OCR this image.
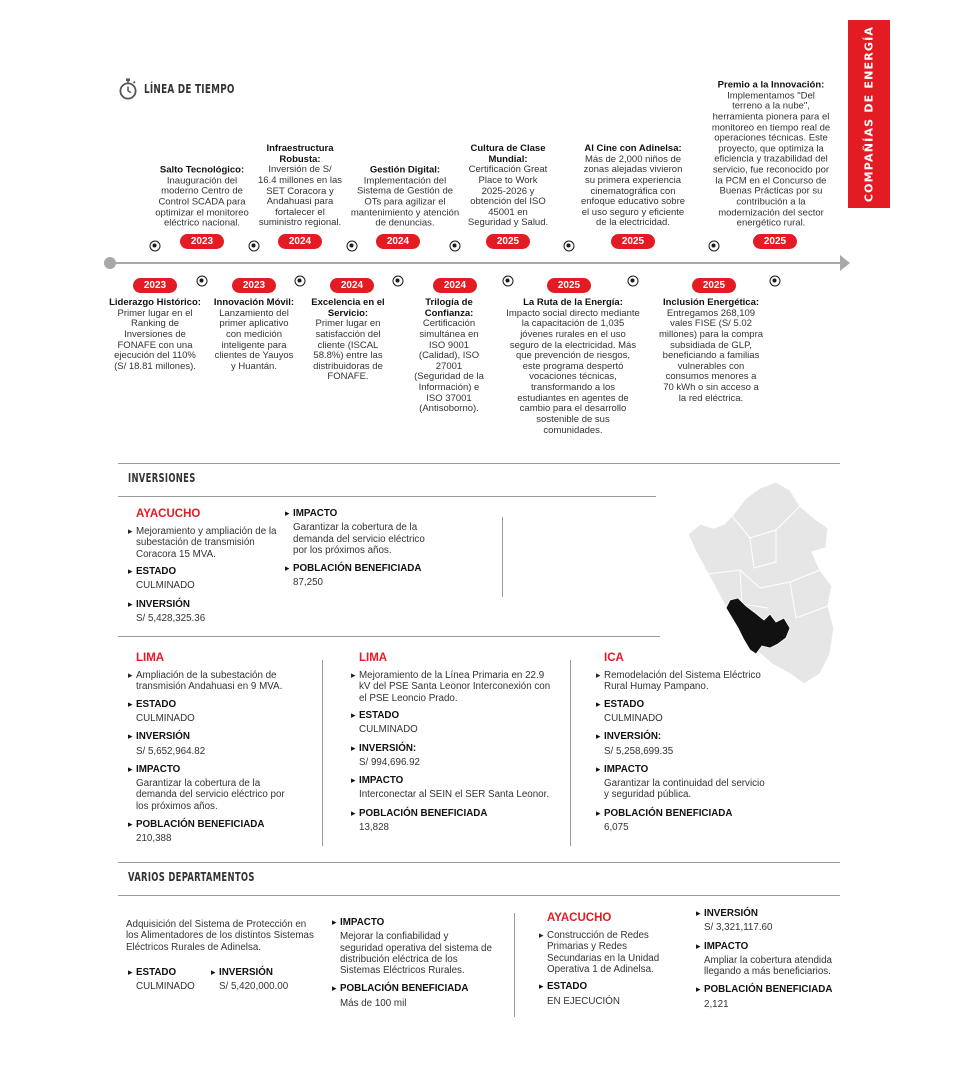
COMPAÑÍAS DE ENERGÍA
LÍNEA DE TIEMPO
Salto Tecnológico:
Inauguración del moderno Centro de Control SCADA para optimizar el monitoreo eléctrico nacional.
2023
Infraestructura Robusta:
Inversión de S/ 16.4 millones en las SET Coracora y Andahuasi para fortalecer el suministro regional.
2024
Gestión Digital:
Implementación del Sistema de Gestión de OTs para agilizar el mantenimiento y atención de denuncias.
2024
Cultura de Clase Mundial:
Certificación Great Place to Work 2025-2026 y obtención del ISO 45001 en Seguridad y Salud.
2025
Al Cine con Adinelsa:
Más de 2,000 niños de zonas alejadas vivieron su primera experiencia cinematográfica con enfoque educativo sobre el uso seguro y eficiente de la electricidad.
2025
Premio a la Innovación:
Implementamos "Del terreno a la nube", herramienta pionera para el monitoreo en tiempo real de operaciones técnicas. Este proyecto, que optimiza la eficiencia y trazabilidad del servicio, fue reconocido por la PCM en el Concurso de Buenas Prácticas por su contribución a la modernización del sector energético rural.
2025
2023
Liderazgo Histórico:
Primer lugar en el Ranking de Inversiones de FONAFE con una ejecución del 110% (S/ 18.81 millones).
2023
Innovación Móvil:
Lanzamiento del primer aplicativo con medición inteligente para clientes de Yauyos y Huantán.
2024
Excelencia en el Servicio:
Primer lugar en satisfacción del cliente (ISCAL 58.8%) entre las distribuidoras de FONAFE.
2024
Trilogía de Confianza:
Certificación simultánea en ISO 9001 (Calidad), ISO 27001 (Seguridad de la Información) e ISO 37001 (Antisoborno).
2025
La Ruta de la Energía:
Impacto social directo mediante la capacitación de 1,035 jóvenes rurales en el uso seguro de la electricidad. Más que prevención de riesgos, este programa despertó vocaciones técnicas, transformando a los estudiantes en agentes de cambio para el desarrollo sostenible de sus comunidades.
2025
Inclusión Energética:
Entregamos 268,109 vales FISE (S/ 5.02 millones) para la compra subsidiada de GLP, beneficiando a familias vulnerables con consumos menores a 70 kWh o sin acceso a la red eléctrica.
INVERSIONES
AYACUCHO
▸ Mejoramiento y ampliación de la subestación de transmisión Coracora 15 MVA.
▸ ESTADO
CULMINADO
▸ INVERSIÓN
S/ 5,428,325.36
▸ IMPACTO
Garantizar la cobertura de la demanda del servicio eléctrico por los próximos años.
▸ POBLACIÓN BENEFICIADA
87,250
LIMA
▸ Ampliación de la subestación de transmisión Andahuasi en 9 MVA.
▸ ESTADO
CULMINADO
▸ INVERSIÓN
S/ 5,652,964.82
▸ IMPACTO
Garantizar la cobertura de la demanda del servicio eléctrico por los próximos años.
▸ POBLACIÓN BENEFICIADA
210,388
LIMA
▸ Mejoramiento de la Línea Primaria en 22.9 kV del PSE Santa Leonor Interconexión con el PSE Leoncio Prado.
▸ ESTADO
CULMINADO
▸ INVERSIÓN:
S/ 994,696.92
▸ IMPACTO
Interconectar al SEIN el SER Santa Leonor.
▸ POBLACIÓN BENEFICIADA
13,828
ICA
▸ Remodelación del Sistema Eléctrico Rural Humay Pampano.
▸ ESTADO
CULMINADO
▸ INVERSIÓN:
S/ 5,258,699.35
▸ IMPACTO
Garantizar la continuidad del servicio y seguridad pública.
▸ POBLACIÓN BENEFICIADA
6,075
VARIOS DEPARTAMENTOS
Adquisición del Sistema de Protección en los Alimentadores de los distintos Sistemas Eléctricos Rurales de Adinelsa.
▸ ESTADO
CULMINADO
▸ INVERSIÓN
S/ 5,420,000.00
▸ IMPACTO
Mejorar la confiabilidad y seguridad operativa del sistema de distribución eléctrica de los Sistemas Eléctricos Rurales.
▸ POBLACIÓN BENEFICIADA
Más de 100 mil
AYACUCHO
▸ Construcción de Redes Primarias y Redes Secundarias en la Unidad Operativa 1 de Adinelsa.
▸ ESTADO
EN EJECUCIÓN
▸ INVERSIÓN
S/ 3,321,117.60
▸ IMPACTO
Ampliar la cobertura atendida llegando a más beneficiarios.
▸ POBLACIÓN BENEFICIADA
2,121
